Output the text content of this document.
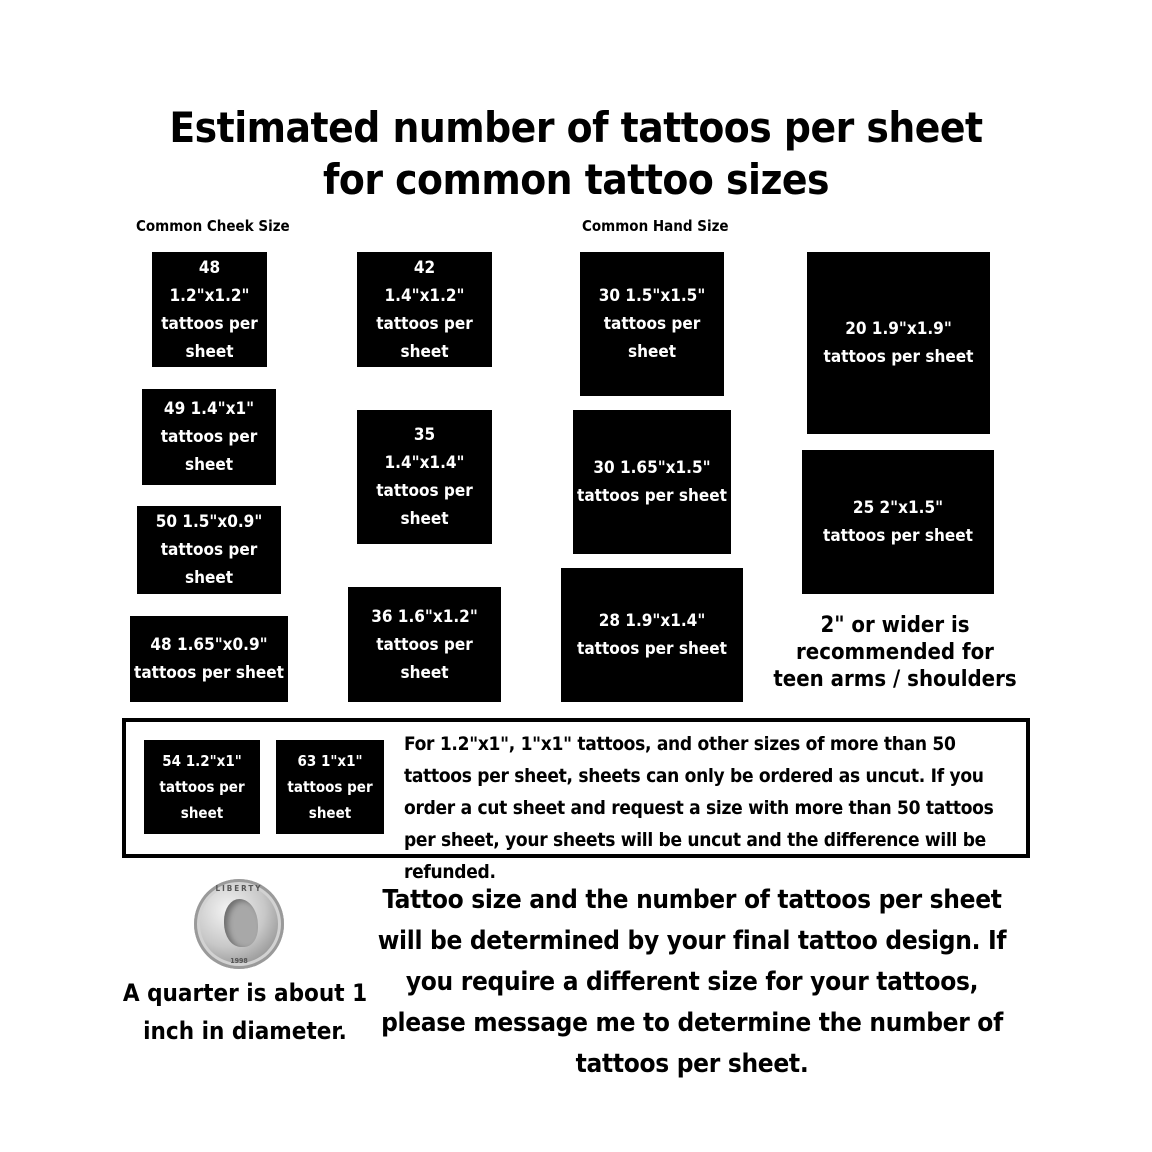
Estimated number of tattoos per sheet
for common tattoo sizes
Common Cheek Size	Common Hand Size
48
1.2"x1.2"
tattoos per
sheet
49 1.4"x1"
tattoos per
sheet
50 1.5"x0.9"
tattoos per
sheet
48 1.65"x0.9"
tattoos per sheet
42
1.4"x1.2"
tattoos per
sheet
35
1.4"x1.4"
tattoos per
sheet
36 1.6"x1.2"
tattoos per
sheet
30 1.5"x1.5"
tattoos per
sheet
30 1.65"x1.5"
tattoos per sheet
28 1.9"x1.4"
tattoos per sheet
20 1.9"x1.9"
tattoos per sheet
25 2"x1.5"
tattoos per sheet
2" or wider is recommended for teen arms / shoulders
54 1.2"x1"
tattoos per
sheet
63 1"x1"
tattoos per
sheet
For 1.2"x1", 1"x1" tattoos, and other sizes of more than 50 tattoos per sheet, sheets can only be ordered as uncut. If you order a cut sheet and request a size with more than 50 tattoos per sheet, your sheets will be uncut and the difference will be refunded.
LIBERTY
1998
A quarter is about 1 inch in diameter.
Tattoo size and the number of tattoos per sheet will be determined by your final tattoo design. If you require a different size for your tattoos, please message me to determine the number of tattoos per sheet.
